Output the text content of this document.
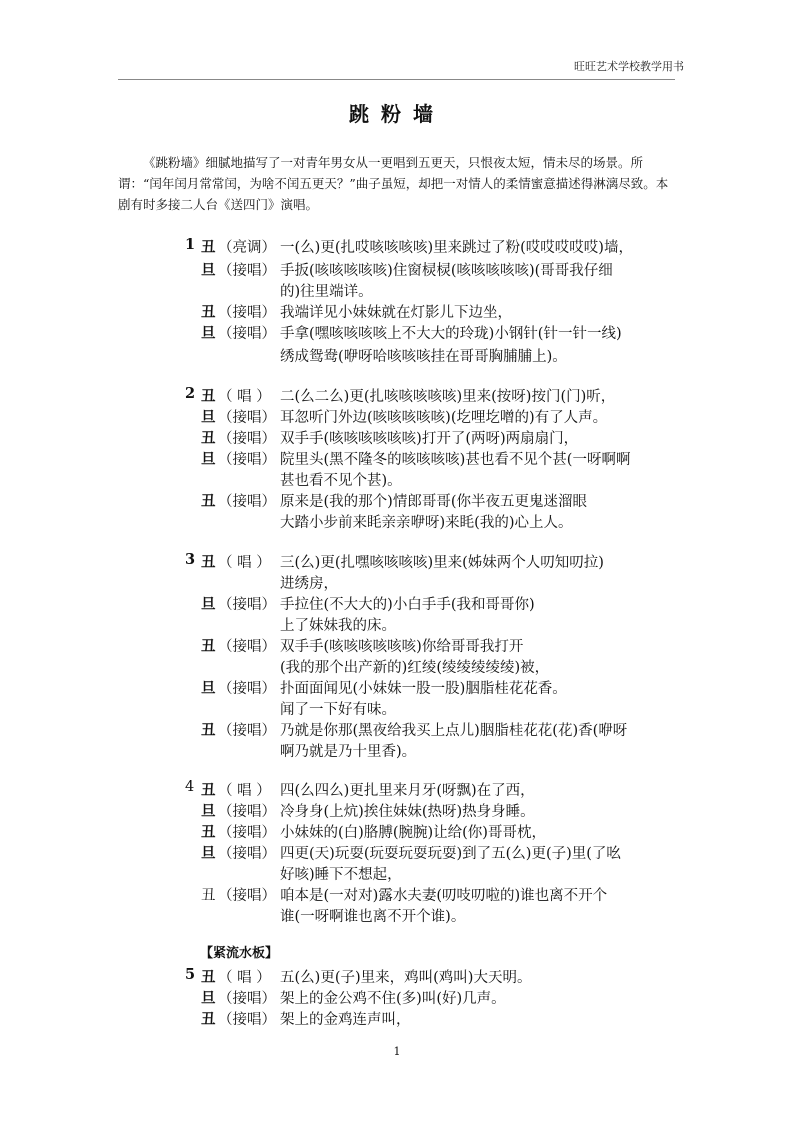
旺旺艺术学校教学用书
跳粉墙
《跳粉墙》细腻地描写了一对青年男女从一更唱到五更天，只恨夜太短，情未尽的场景。所谓：“闰年闰月常常闰，为啥不闰五更天？”曲子虽短，却把一对情人的柔情蜜意描述得淋漓尽致。本剧有时多接二人台《送四门》演唱。
1 丑 （亮调） 一(么)更(扎哎咳咳咳咳)里来跳过了粉(哎哎哎哎哎)墙，
旦 （接唱） 手扳(咳咳咳咳咳)住窗棂棂(咳咳咳咳咳)(哥哥我仔细
的)往里端详。
丑 （接唱） 我端详见小妹妹就在灯影儿下边坐，
旦 （接唱） 手拿(嘿咳咳咳咳上不大大的玲珑)小钢针(针一针一线)
绣成鸳鸯(咿呀哈咳咳咳挂在哥哥胸脯脯上)。
2 丑 （ 唱 ） 二(么二么)更(扎咳咳咳咳咳)里来(按呀)按门(门)听，
旦 （接唱） 耳忽听门外边(咳咳咳咳咳)(圪哩圪噌的)有了人声。
丑 （接唱） 双手手(咳咳咳咳咳咳)打开了(两呀)两扇扇门，
旦 （接唱） 院里头(黑不隆冬的咳咳咳咳)甚也看不见个甚(一呀啊啊
甚也看不见个甚)。
丑 （接唱） 原来是(我的那个)情郎哥哥(你半夜五更鬼迷溜眼
大踏小步前来眊亲亲咿呀)来眊(我的)心上人。
3 丑 （ 唱 ） 三(么)更(扎嘿咳咳咳咳)里来(姊妹两个人叨知叨拉)
进绣房，
旦 （接唱） 手拉住(不大大的)小白手手(我和哥哥你)
上了妹妹我的床。
丑 （接唱） 双手手(咳咳咳咳咳咳)你给哥哥我打开
(我的那个出产新的)红绫(绫绫绫绫绫)被，
旦 （接唱） 扑面面闻见(小妹妹一股一股)胭脂桂花花香。
闻了一下好有味。
丑 （接唱） 乃就是你那(黑夜给我买上点儿)胭脂桂花花(花)香(咿呀
啊乃就是乃十里香)。
4 丑 （ 唱 ） 四(么四么)更扎里来月牙(呀飘)在了西，
旦 （接唱） 冷身身(上炕)挨住妹妹(热呀)热身身睡。
丑 （接唱） 小妹妹的(白)胳膊(腕腕)让给(你)哥哥枕，
旦 （接唱） 四更(天)玩耍(玩耍玩耍玩耍)到了五(么)更(子)里(了吆
好咳)睡下不想起，
丑 （接唱） 咱本是(一对对)露水夫妻(叨吱叨啦的)谁也离不开个
谁(一呀啊谁也离不开个谁)。
5 丑 （ 唱 ） 五(么)更(子)里来，鸡叫(鸡叫)大天明。
旦 （接唱） 架上的金公鸡不住(多)叫(好)几声。
丑 （接唱） 架上的金鸡连声叫，
【紧流水板】
1
